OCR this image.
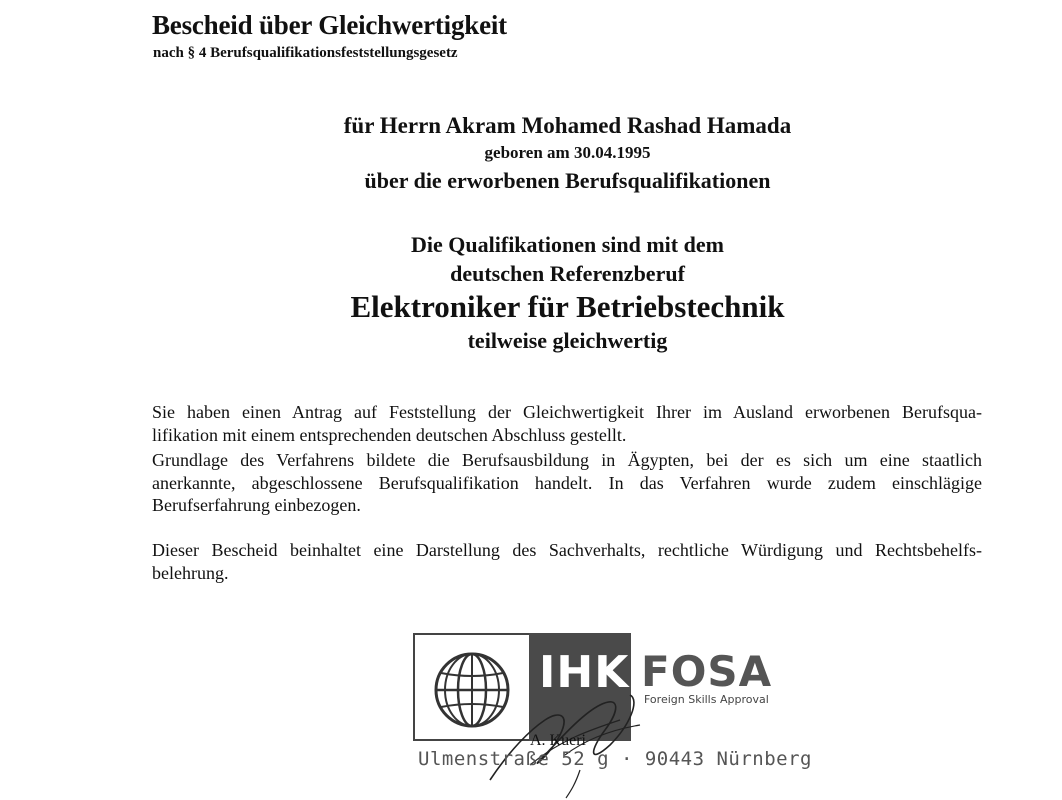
Bescheid über Gleichwertigkeit
nach § 4 Berufsqualifikationsfeststellungsgesetz
für Herrn Akram Mohamed Rashad Hamada
geboren am 30.04.1995
über die erworbenen Berufsqualifikationen
Die Qualifikationen sind mit dem
deutschen Referenzberuf
Elektroniker für Betriebstechnik
teilweise gleichwertig
Sie haben einen Antrag auf Feststellung der Gleichwertigkeit Ihrer im Ausland erworbenen Berufsqua-
lifikation mit einem entsprechenden deutschen Abschluss gestellt.
Grundlage des Verfahrens bildete die Berufsausbildung in Ägypten, bei der es sich um eine staatlich
anerkannte, abgeschlossene Berufsqualifikation handelt. In das Verfahren wurde zudem einschlägige
Berufserfahrung einbezogen.
Dieser Bescheid beinhaltet eine Darstellung des Sachverhalts, rechtliche Würdigung und Rechtsbehelfs-
belehrung.
IHK FOSA
Foreign Skills Approval
A. Kueri
Ulmenstraße 52 g · 90443 Nürnberg
